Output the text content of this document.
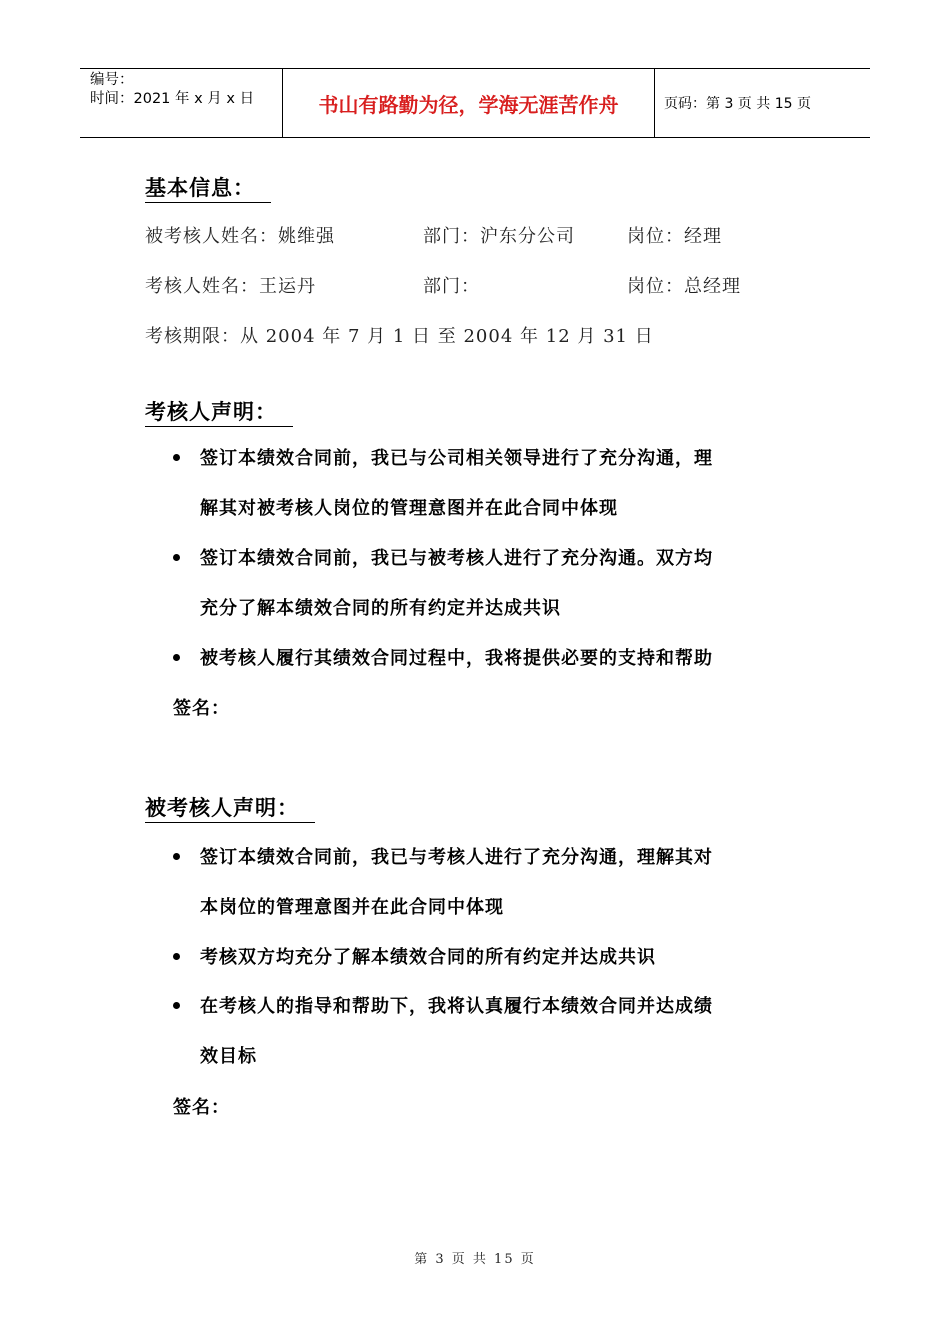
编号：
时间：2021 年 x 月 x 日	书山有路勤为径，学海无涯苦作舟	页码：第 3 页 共 15 页
基本信息：
被考核人姓名：姚维强	部门：沪东分公司	岗位：经理
考核人姓名：王运丹	部门：	岗位：总经理
考核期限：从 2004 年 7 月 1 日 至 2004 年 12 月 31 日
考核人声明：
签订本绩效合同前，我已与公司相关领导进行了充分沟通，理
解其对被考核人岗位的管理意图并在此合同中体现
签订本绩效合同前，我已与被考核人进行了充分沟通。双方均
充分了解本绩效合同的所有约定并达成共识
被考核人履行其绩效合同过程中，我将提供必要的支持和帮助
签名：
被考核人声明：
签订本绩效合同前，我已与考核人进行了充分沟通，理解其对
本岗位的管理意图并在此合同中体现
考核双方均充分了解本绩效合同的所有约定并达成共识
在考核人的指导和帮助下，我将认真履行本绩效合同并达成绩
效目标
签名：
第 3 页 共 15 页
